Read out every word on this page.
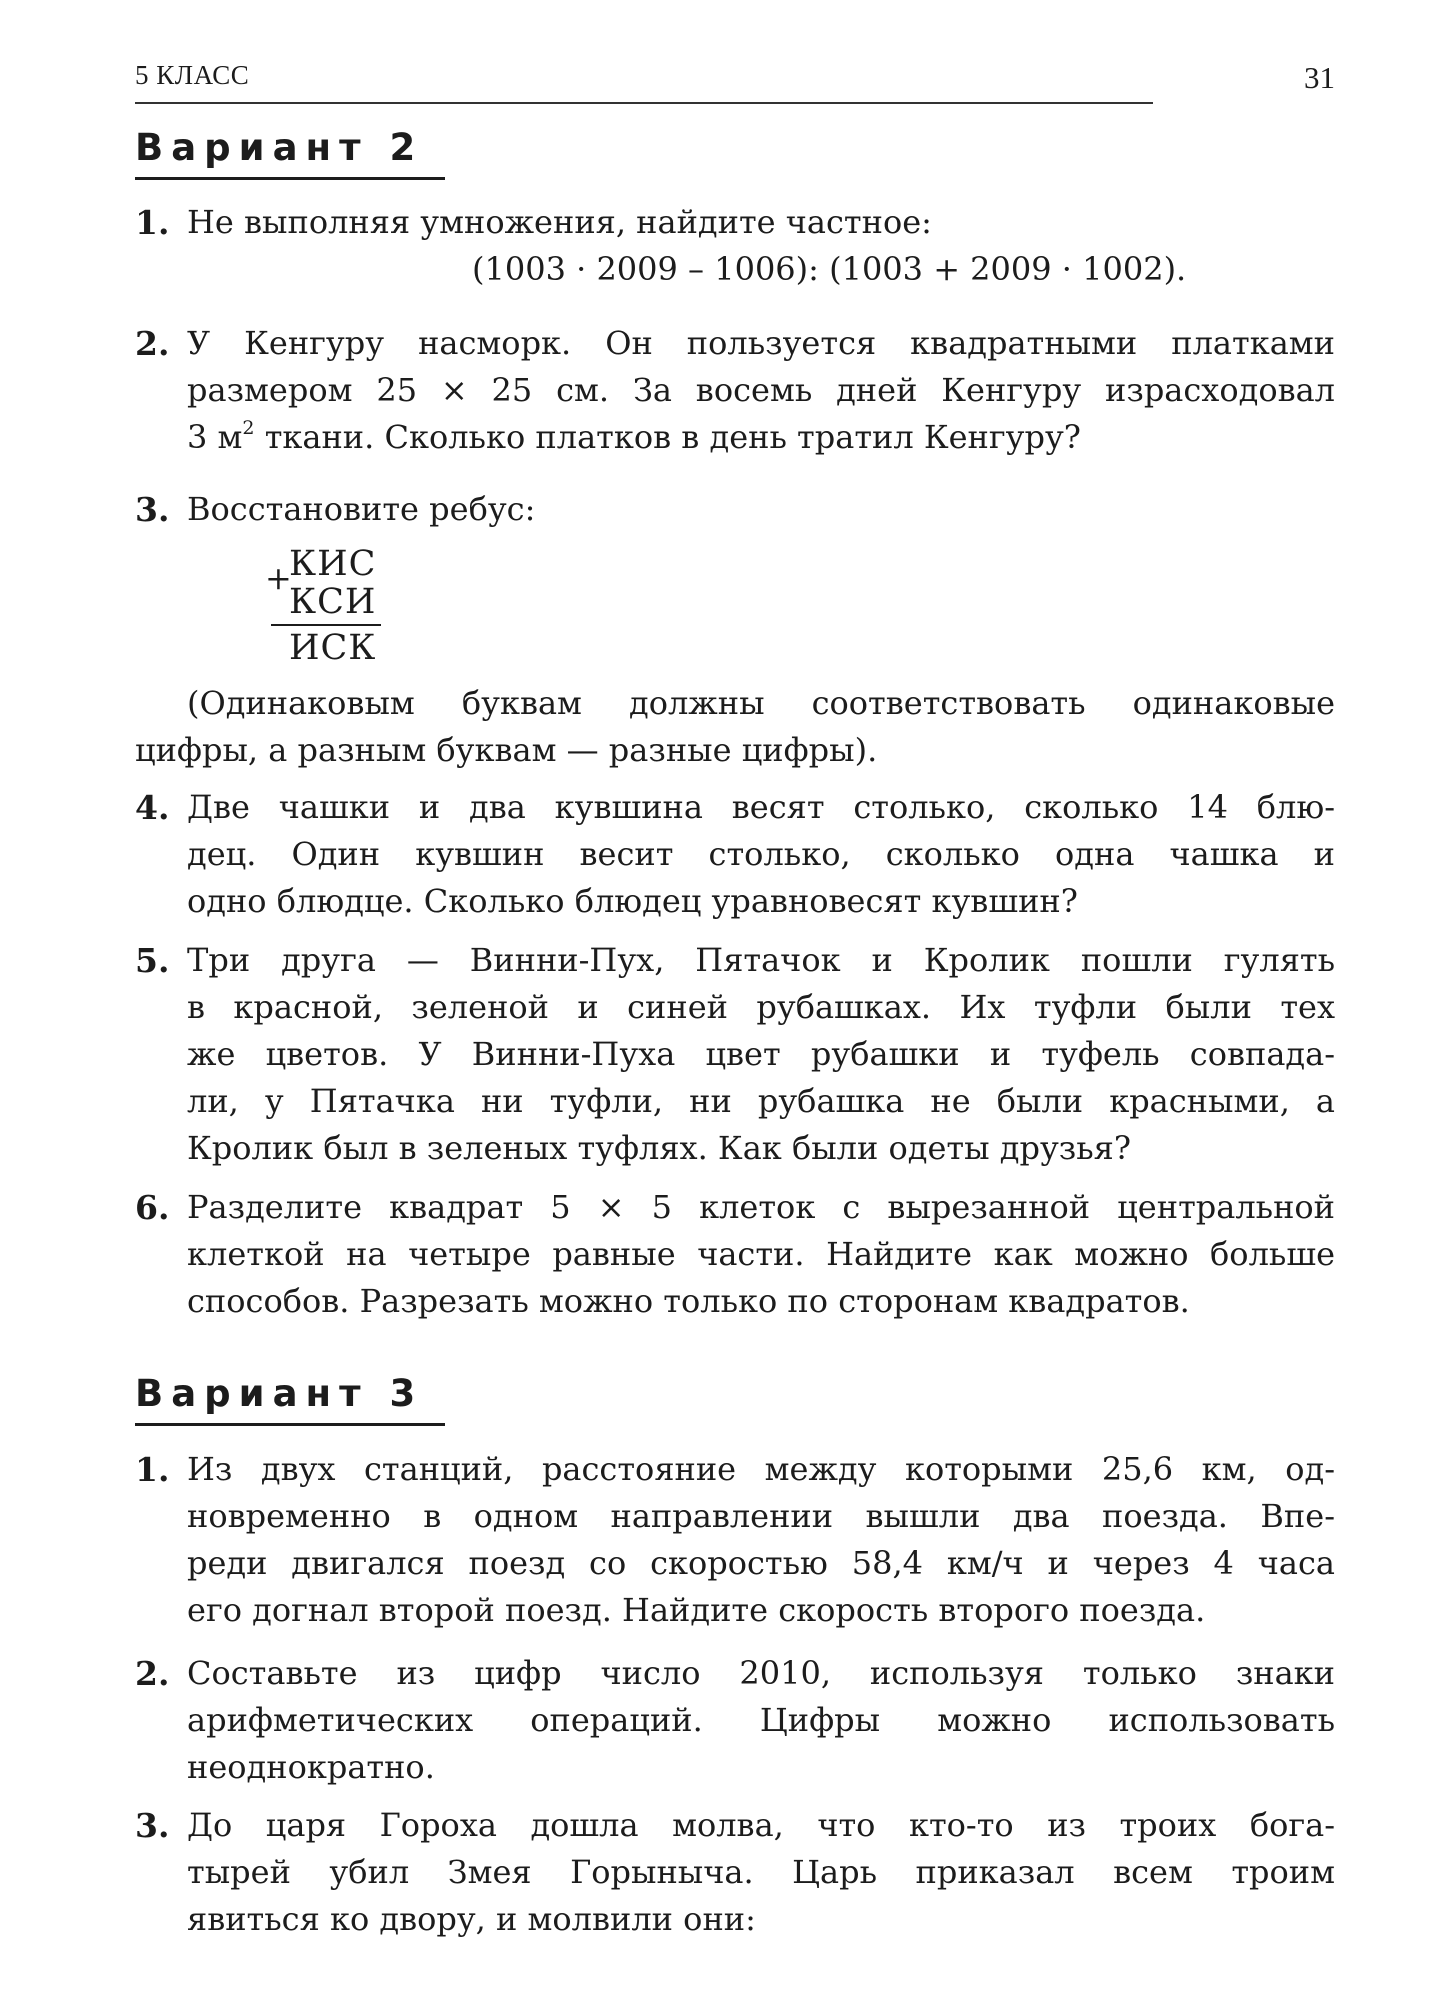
5 КЛАСС	31
Вариант 2
1. Не выполняя умножения, найдите частное:
(1003 · 2009 – 1006): (1003 + 2009 · 1002).
2. У Кенгуру насморк. Он пользуется квадратными платками
размером 25 × 25 см. За восемь дней Кенгуру израсходовал
3 $м^2$ ткани. Сколько платков в день тратил Кенгуру?
3. Восстановите ребус:
+
КИС
КСИ
ИСК
(Одинаковым буквам должны соответствовать одинаковые
цифры, а разным буквам — разные цифры).
4. Две чашки и два кувшина весят столько, сколько 14 блю-
дец. Один кувшин весит столько, сколько одна чашка и
одно блюдце. Сколько блюдец уравновесят кувшин?
5. Три друга — Винни-Пух, Пятачок и Кролик пошли гулять
в красной, зеленой и синей рубашках. Их туфли были тех
же цветов. У Винни-Пуха цвет рубашки и туфель совпада-
ли, у Пятачка ни туфли, ни рубашка не были красными, а
Кролик был в зеленых туфлях. Как были одеты друзья?
6. Разделите квадрат 5 × 5 клеток с вырезанной центральной
клеткой на четыре равные части. Найдите как можно больше
способов. Разрезать можно только по сторонам квадратов.
Вариант 3
1. Из двух станций, расстояние между которыми 25,6 км, од-
новременно в одном направлении вышли два поезда. Впе-
реди двигался поезд со скоростью 58,4 км/ч и через 4 часа
его догнал второй поезд. Найдите скорость второго поезда.
2. Составьте из цифр число 2010, используя только знаки
арифметических операций. Цифры можно использовать
неоднократно.
3. До царя Гороха дошла молва, что кто-то из троих бога-
тырей убил Змея Горыныча. Царь приказал всем троим
явиться ко двору, и молвили они:
